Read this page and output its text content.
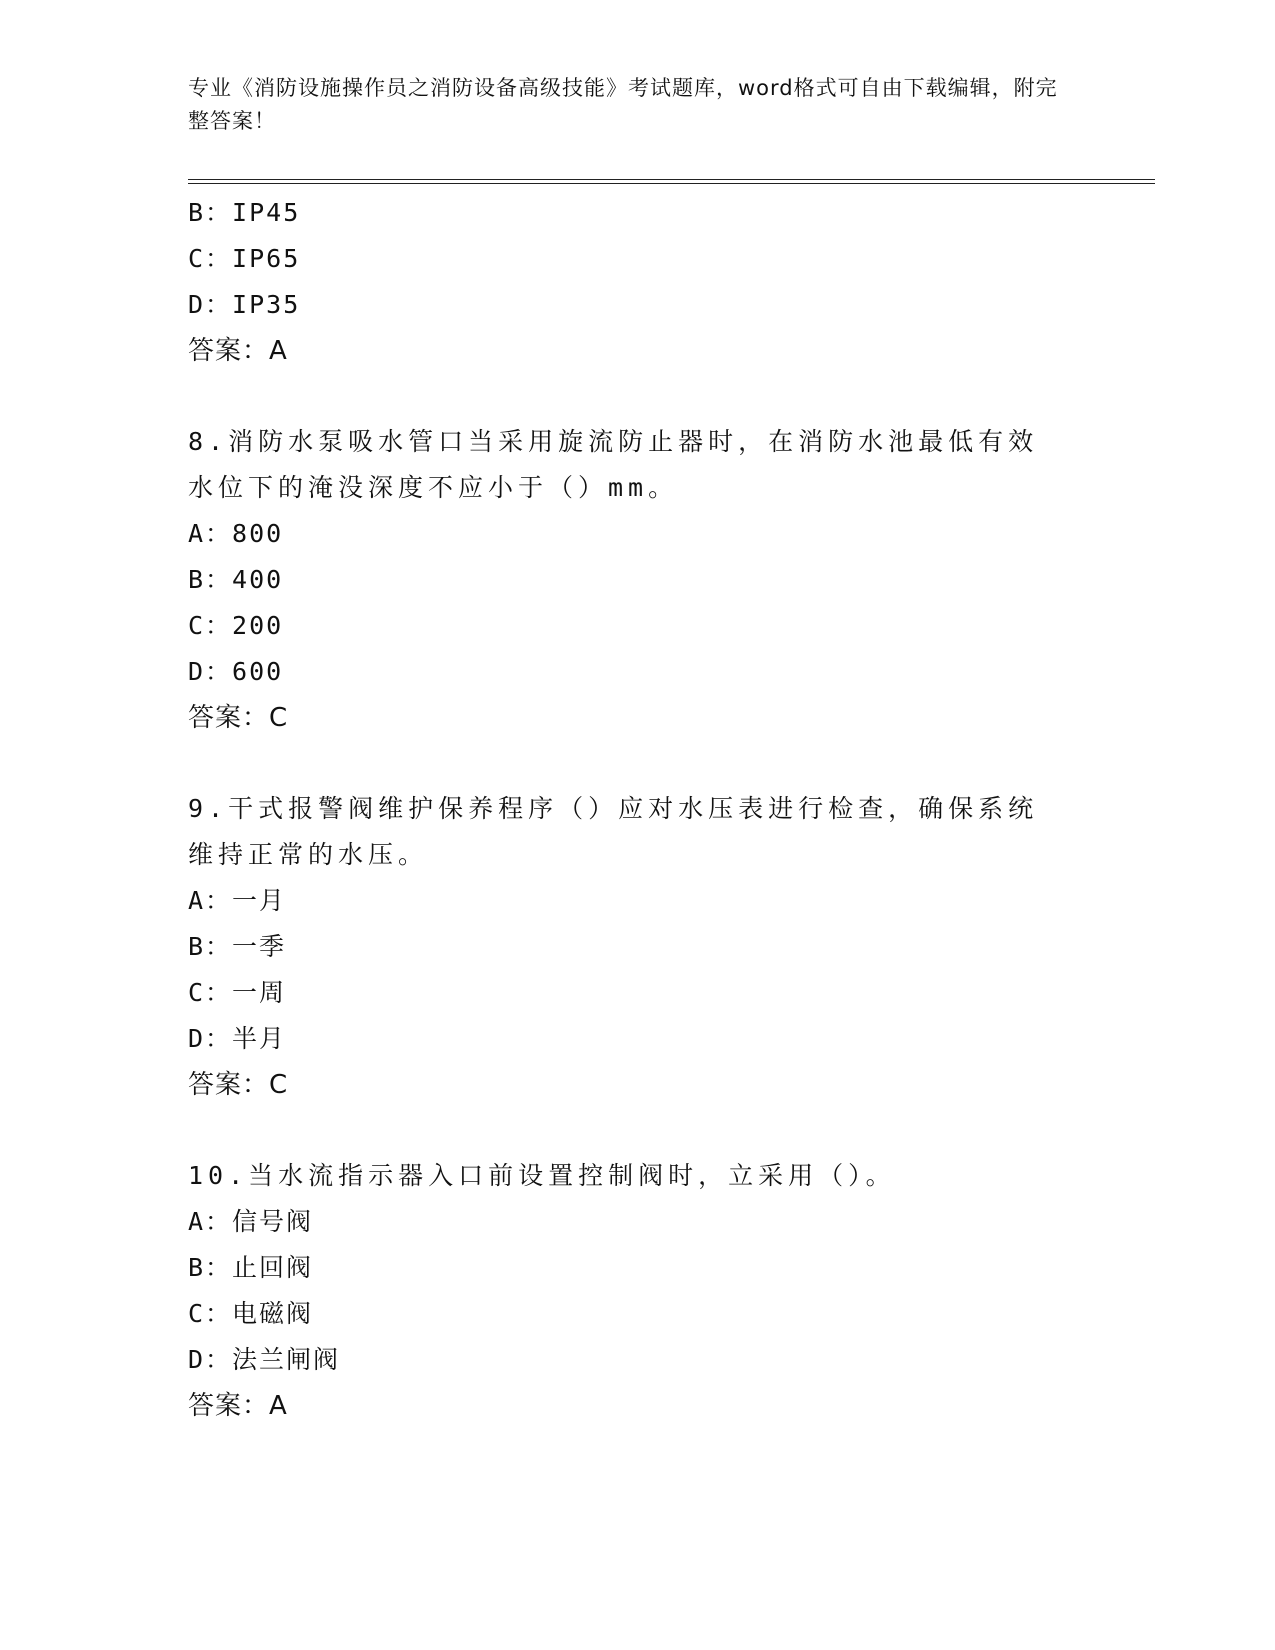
专业《消防设施操作员之消防设备高级技能》考试题库，word格式可自由下载编辑，附完整答案！

B：IP45

C：IP65

D：IP35

答案：A

8.消防水泵吸水管口当采用旋流防止器时，在消防水池最低有效水位下的淹没深度不应小于（）mm。

A：800

B：400

C：200

D：600

答案：C

9.干式报警阀维护保养程序（）应对水压表进行检查，确保系统维持正常的水压。

A：一月

B：一季

C：一周

D：半月

答案：C

10.当水流指示器入口前设置控制阀时，立采用（）。

A：信号阀

B：止回阀

C：电磁阀

D：法兰闸阀

答案：A
